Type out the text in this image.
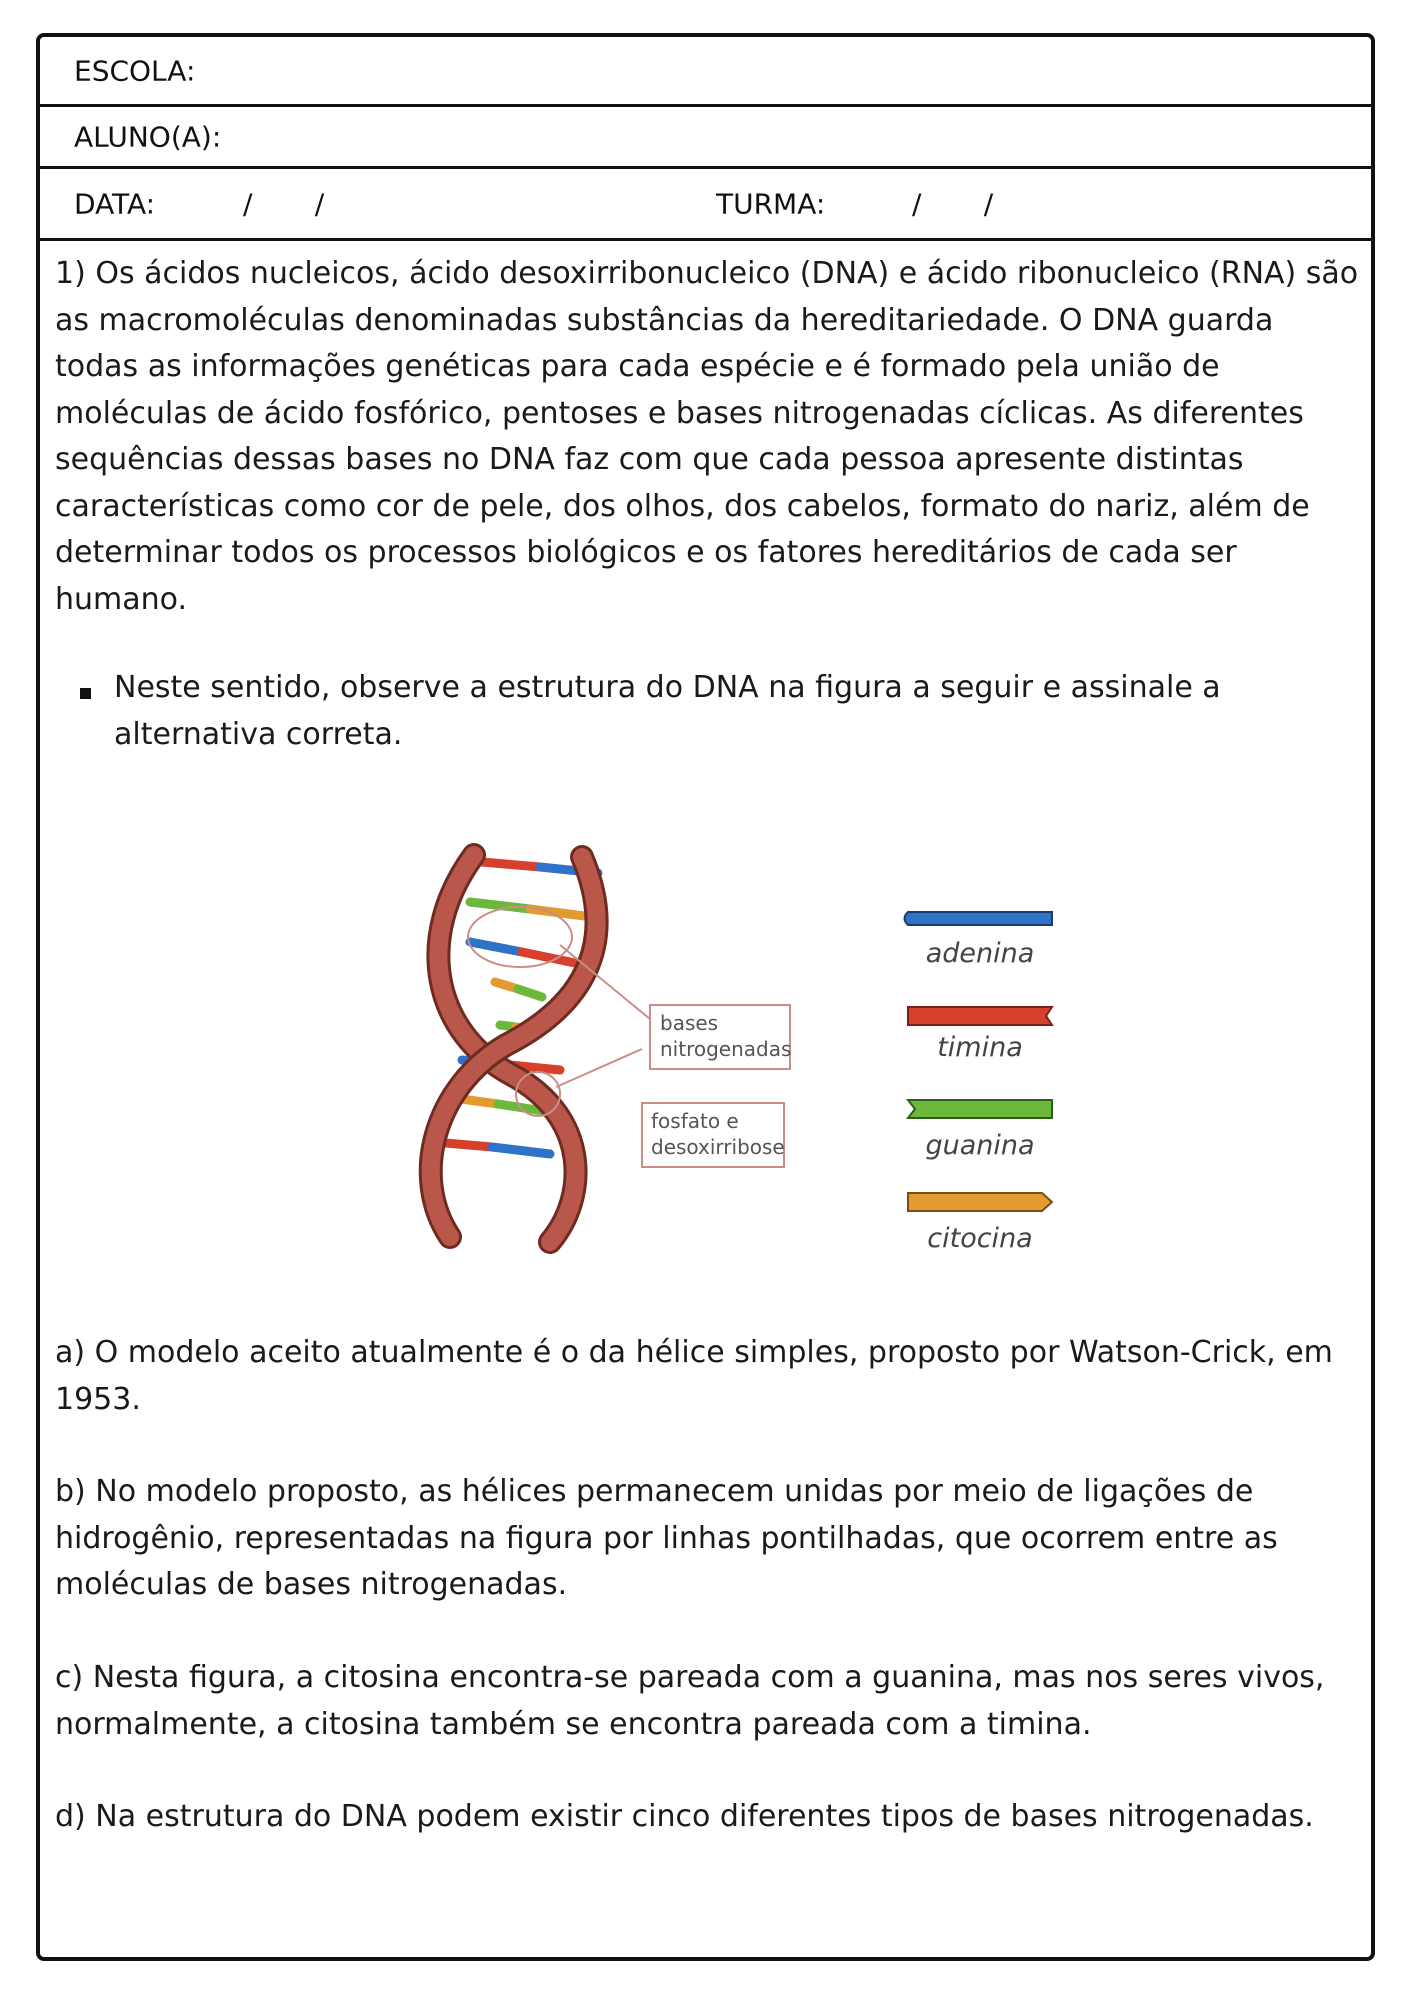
ESCOLA:
ALUNO(A):
DATA:	/       /	TURMA:	/       /

1) Os ácidos nucleicos, ácido desoxirribonucleico (DNA) e ácido ribonucleico (RNA) são as macromoléculas denominadas substâncias da hereditariedade. O DNA guarda todas as informações genéticas para cada espécie e é formado pela união de moléculas de ácido fosfórico, pentoses e bases nitrogenadas cíclicas. As diferentes sequências dessas bases no DNA faz com que cada pessoa apresente distintas características como cor de pele, dos olhos, dos cabelos, formato do nariz, além de determinar todos os processos biológicos e os fatores hereditários de cada ser humano.

Neste sentido, observe a estrutura do DNA na figura a seguir e assinale a alternativa correta.

bases
nitrogenadas
fosfato e
desoxirribose
adenina
timina
guanina
citocina

a) O modelo aceito atualmente é o da hélice simples, proposto por Watson-Crick, em 1953.

b) No modelo proposto, as hélices permanecem unidas por meio de ligações de hidrogênio, representadas na figura por linhas pontilhadas, que ocorrem entre as moléculas de bases nitrogenadas.

c) Nesta figura, a citosina encontra-se pareada com a guanina, mas nos seres vivos, normalmente, a citosina também se encontra pareada com a timina.

d) Na estrutura do DNA podem existir cinco diferentes tipos de bases nitrogenadas.
